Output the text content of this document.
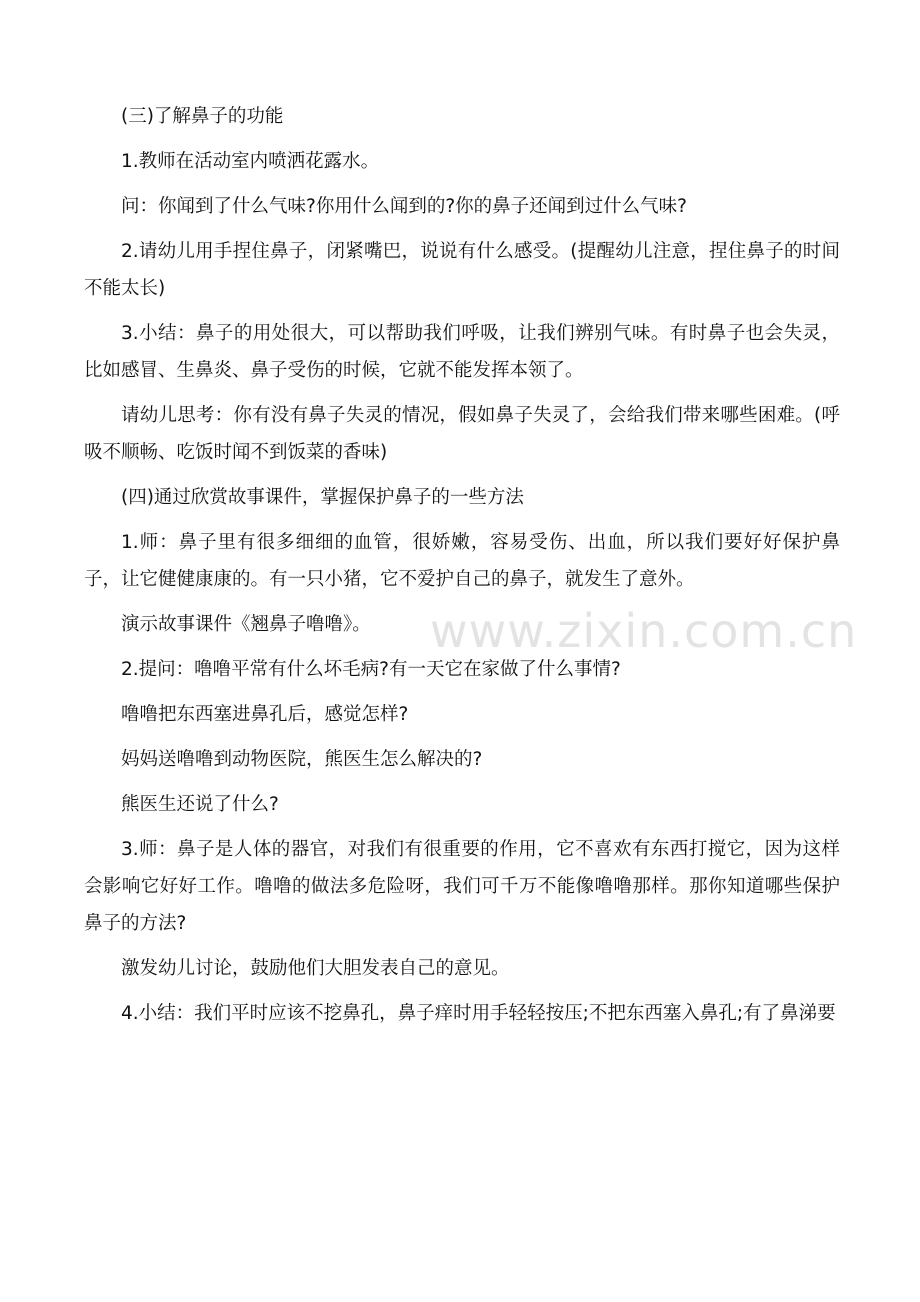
(三)了解鼻子的功能

1.教师在活动室内喷洒花露水。

问：你闻到了什么气味?你用什么闻到的?你的鼻子还闻到过什么气味?

2.请幼儿用手捏住鼻子，闭紧嘴巴，说说有什么感受。(提醒幼儿注意，捏住鼻子的时间不能太长)

3.小结：鼻子的用处很大，可以帮助我们呼吸，让我们辨别气味。有时鼻子也会失灵，比如感冒、生鼻炎、鼻子受伤的时候，它就不能发挥本领了。

请幼儿思考：你有没有鼻子失灵的情况，假如鼻子失灵了，会给我们带来哪些困难。(呼吸不顺畅、吃饭时闻不到饭菜的香味)

(四)通过欣赏故事课件，掌握保护鼻子的一些方法

1.师：鼻子里有很多细细的血管，很娇嫩，容易受伤、出血，所以我们要好好保护鼻子，让它健健康康的。有一只小猪，它不爱护自己的鼻子，就发生了意外。

演示故事课件《翘鼻子噜噜》。

2.提问：噜噜平常有什么坏毛病?有一天它在家做了什么事情?

噜噜把东西塞进鼻孔后，感觉怎样?

妈妈送噜噜到动物医院，熊医生怎么解决的?

熊医生还说了什么?

3.师：鼻子是人体的器官，对我们有很重要的作用，它不喜欢有东西打搅它，因为这样会影响它好好工作。噜噜的做法多危险呀，我们可千万不能像噜噜那样。那你知道哪些保护鼻子的方法?

激发幼儿讨论，鼓励他们大胆发表自己的意见。

4.小结：我们平时应该不挖鼻孔，鼻子痒时用手轻轻按压;不把东西塞入鼻孔;有了鼻涕要

www.zixin.com.cn
